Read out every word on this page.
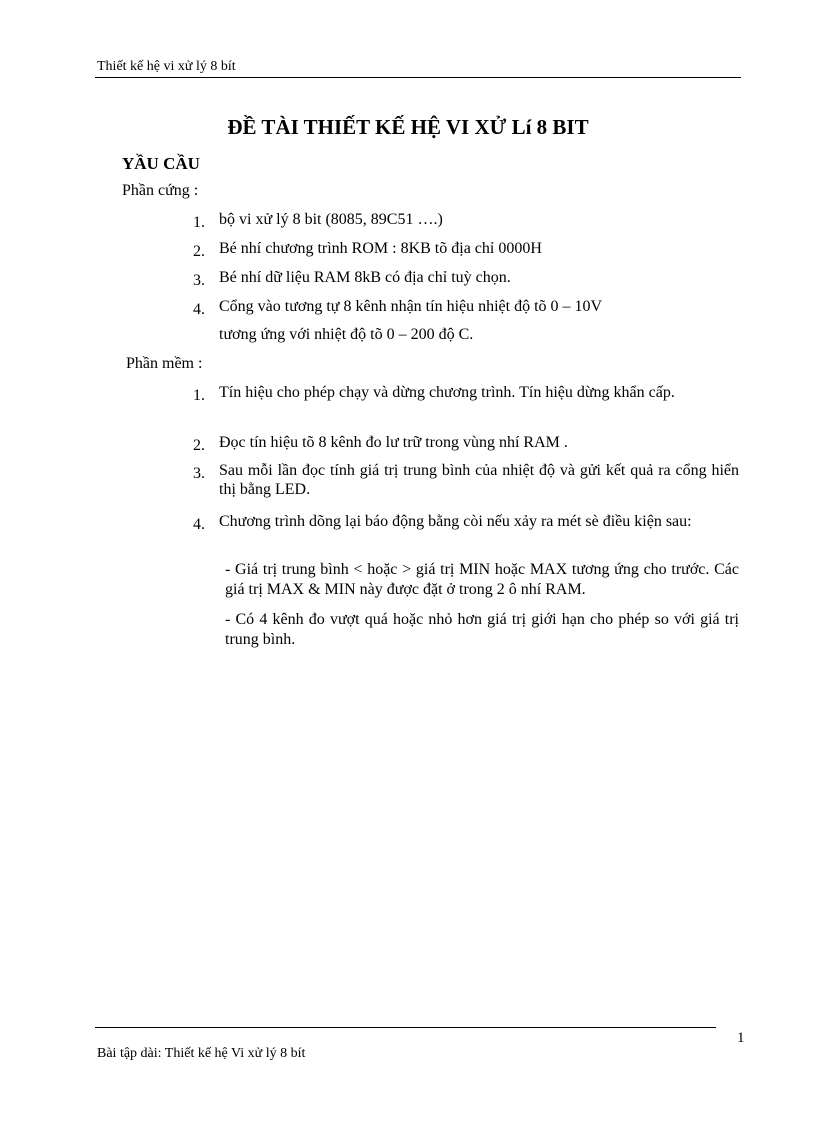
Thiết kế hệ vi xử lý 8 bít
ĐỀ TÀI THIẾT KẾ HỆ VI XỬ Lí 8 BIT
YẦU CẦU
Phần cứng :
1. bộ vi xử lý 8 bit (8085, 89C51 ….)
2. Bé nhí chương trình ROM : 8KB tõ địa chỉ 0000H
3. Bé nhí dữ liệu RAM 8kB có địa chỉ tuỳ chọn.
4. Cổng vào tương tự 8 kênh nhận tín hiệu nhiệt độ tõ 0 – 10V
tương ứng với nhiệt độ tõ 0 – 200 độ C.
Phần mềm :
1. Tín hiệu cho phép chạy và dừng chương trình. Tín hiệu dừng khẩn cấp.
2. Đọc tín hiệu tõ 8 kênh đo lư trữ trong vùng nhí RAM .
3. Sau mỗi lần đọc tính giá trị trung bình của nhiệt độ và gửi kết quả ra cổng hiển thị bằng LED.
4. Chương trình dõng lại báo động bằng còi nếu xảy ra mét sè điều kiện sau:
- Giá trị trung bình < hoặc > giá trị MIN hoặc MAX tương ứng cho trước. Các giá trị MAX & MIN này được đặt ở trong 2 ô nhí RAM.
- Có 4 kênh đo vượt quá hoặc nhỏ hơn giá trị giới hạn cho phép so với giá trị trung bình.
1
Bài tập dài: Thiết kế hệ Vi xử lý 8 bít
